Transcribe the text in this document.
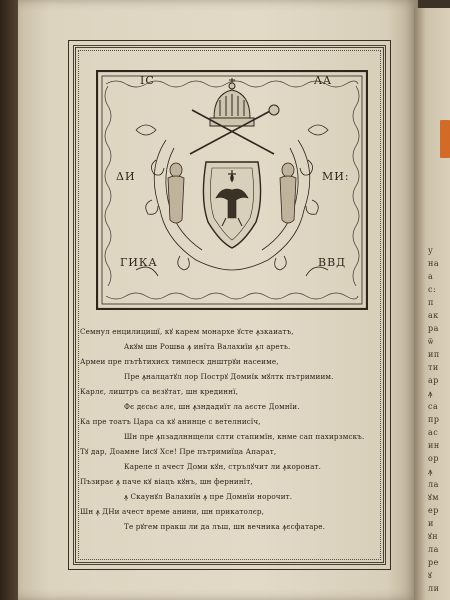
у
на
а
с:
п
ак
ра
ѿ
ип
ти
ар
ꙟ
са
пр
ас
ин
ор
ꙟ
ла
ꙋм
ер
и
ꙋн
ла
ре
ꙋ
ли
IC	AA
ΔИ	МИ:
ГИКА	ВВД
Семнул енцилицишї, кꙋ карем монархе ꙋсте ꙟзкаиатъ,
Ακꙋм шн Ροшва ꙟ инїта Валахиїи ꙟл ареть.
Армеи пре пътѣтихиєх тимпеск днштрꙋи насеиме,
Пре ꙟналцатꙋл лор Пострꙋ Домиїк мꙋлтк пътримиим.
Карлє, лиштръ са вєзꙋтат, шн крединнї,
Фє дєсьє алє, шн ꙟзндадиїт ла аєсте Домнїи.
Ка пре тоатъ Цара са кꙋ анинце с ветелнисїч,
Шн пре ꙟпзадлннщели слти стапимїн, кнме сап пахирзмскъ.
Тꙋ дар, Доамне Іисꙋ Хсе! Пре пътримиїца Апарат,
Кареле п ачест Доми кꙋн, стрълꙋчит ли ꙟкоронат.
Пъзирає ꙟ паче кꙋ віацъ кꙋнъ, шн фернинїт,
ꙟ Скаунꙋл Валахиїн ꙟ пре Домнїи норочит.
Шн ꙟ ДНи ачест време анини, шн прикатолєр,
Те рꙋгем пракш ли да лъш, шн вечника ꙟєсфатаре.
